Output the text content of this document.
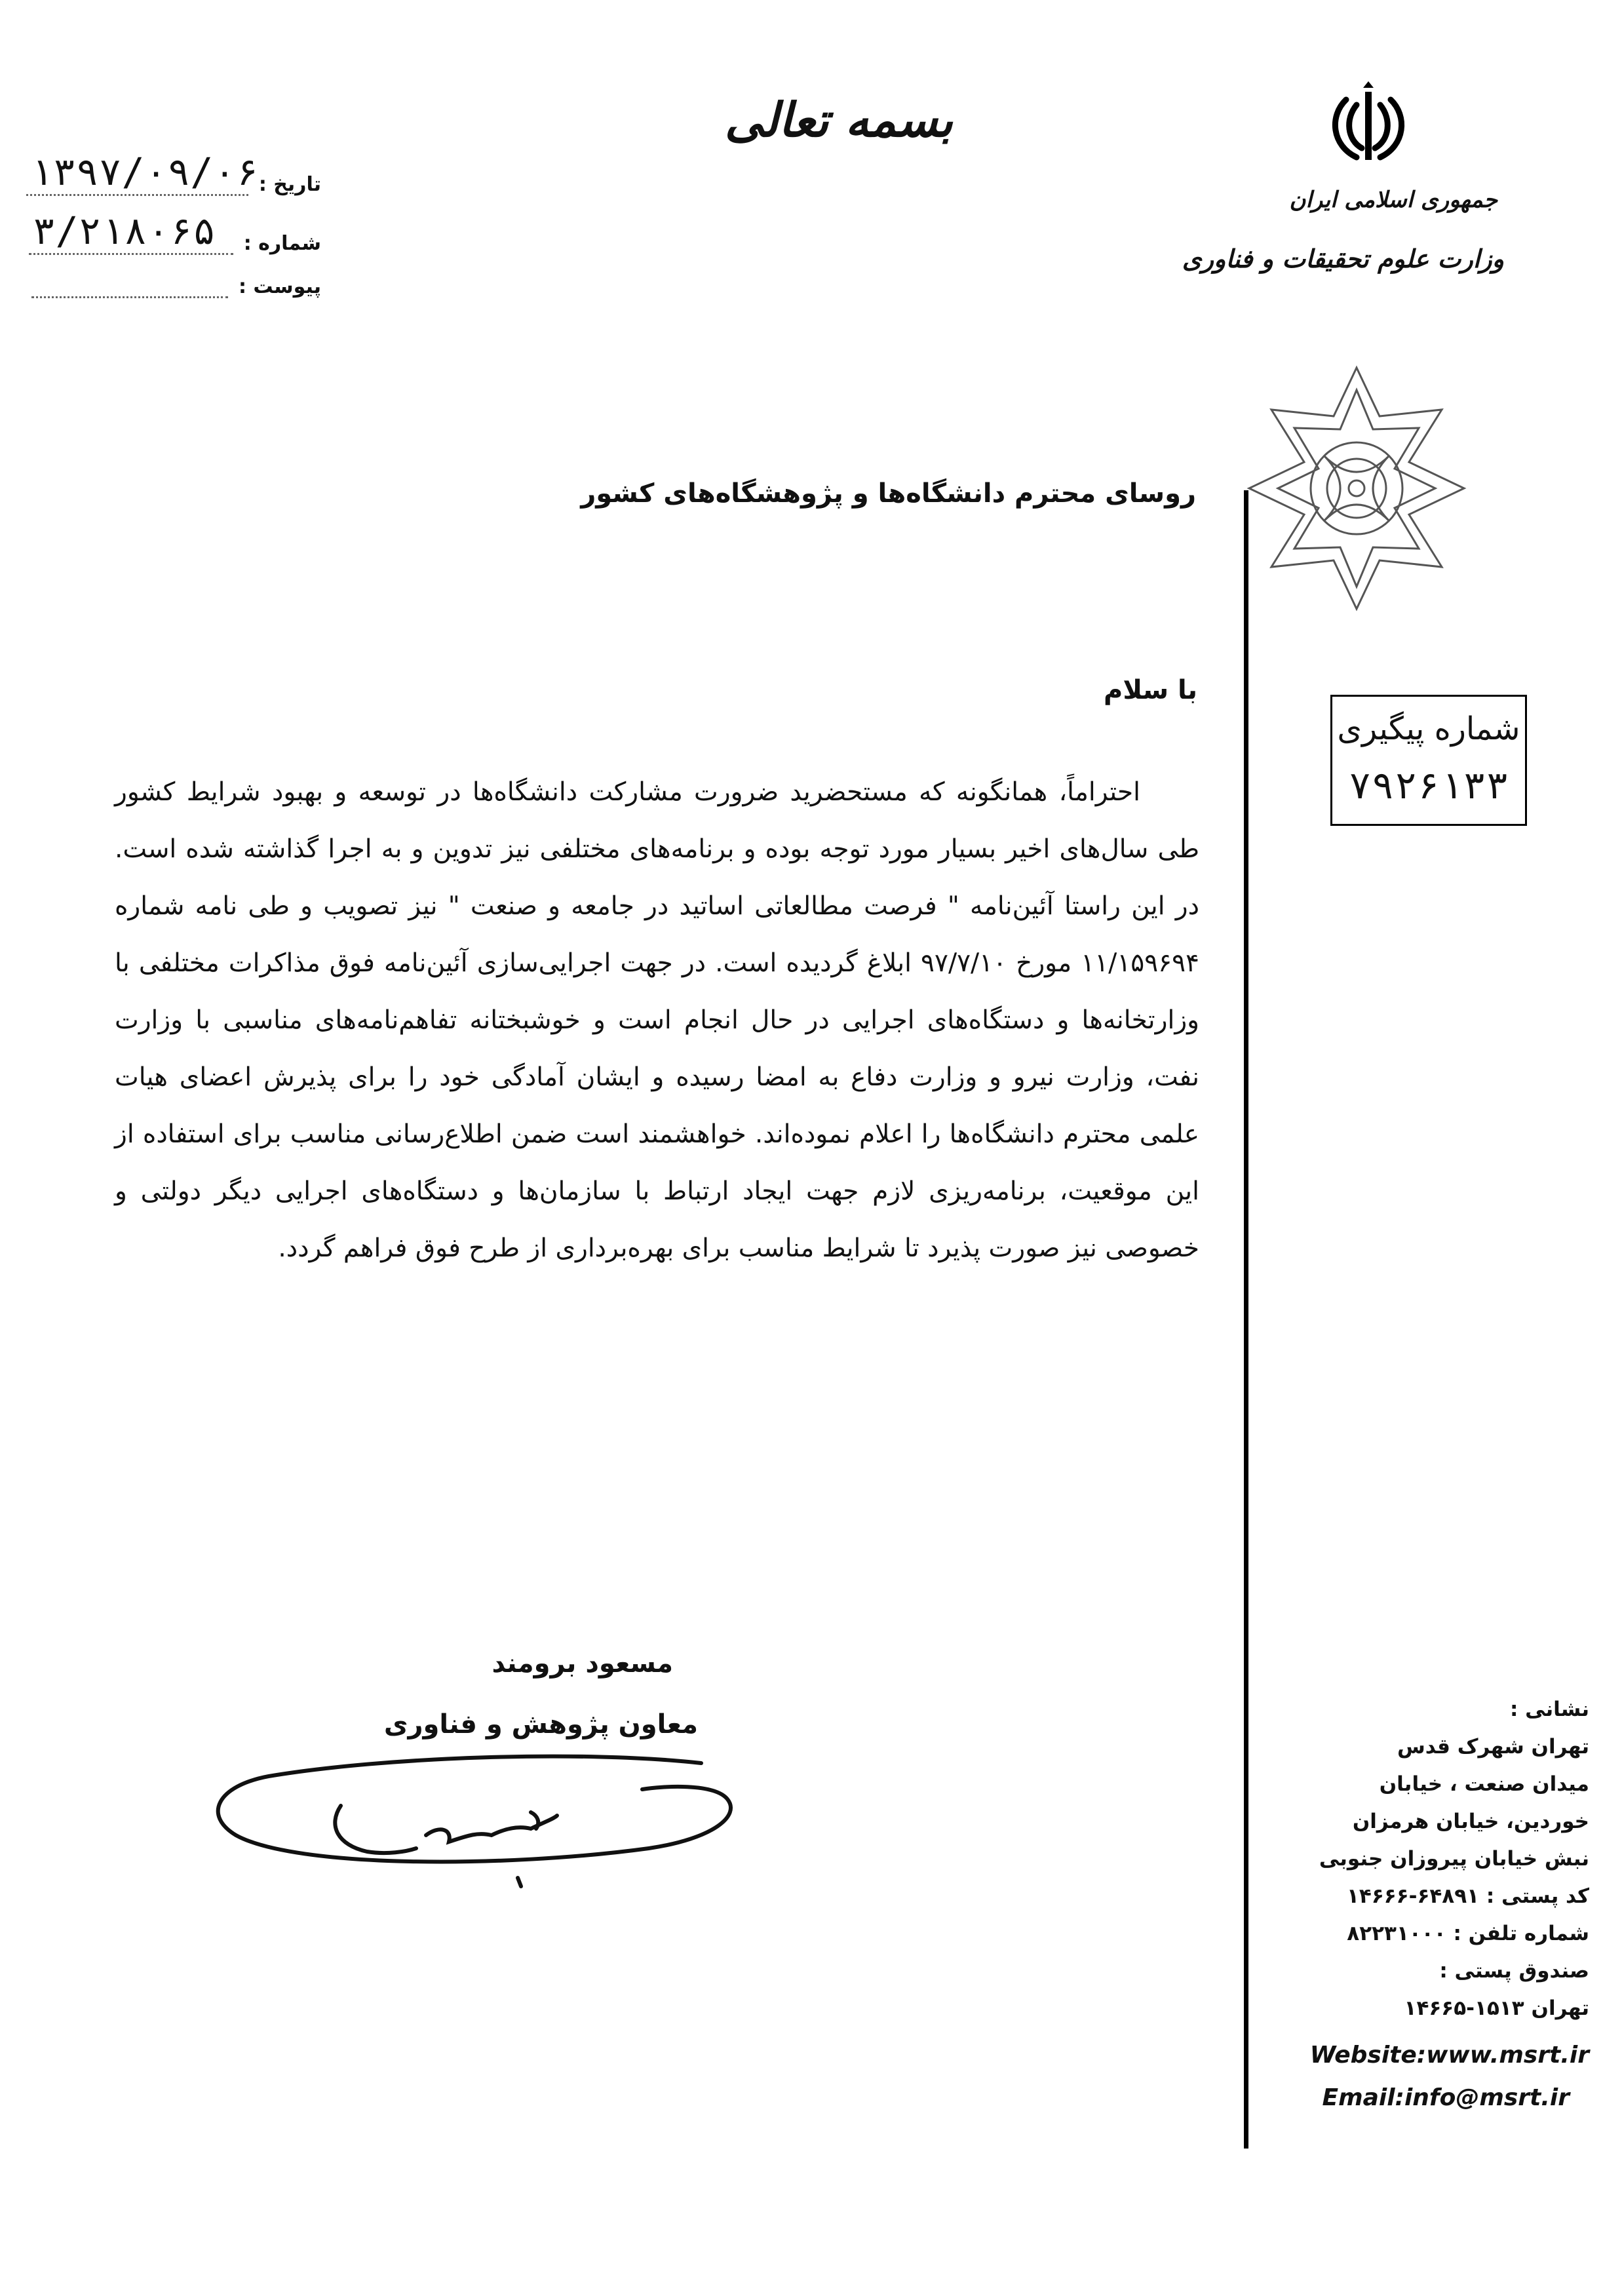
بسمه تعالی
تاریخ :
۱۳۹۷/۰۹/۰۶
شماره :
۳/۲۱۸۰۶۵
پیوست :
جمهوری اسلامی ایران
وزارت علوم تحقیقات و فناوری
روسای محترم دانشگاه‌ها و پژوهشگاه‌های کشور
با سلام

احتراماً، همانگونه که مستحضرید ضرورت مشارکت دانشگاه‌ها در توسعه و بهبود شرایط کشور طی سال‌های اخیر بسیار مورد توجه بوده و برنامه‌های مختلفی نیز تدوین و به اجرا گذاشته شده است. در این راستا آئین‌نامه " فرصت مطالعاتی اساتید در جامعه و صنعت " نیز تصویب و طی نامه شماره ۱۱/۱۵۹۶۹۴ مورخ ۹۷/۷/۱۰ ابلاغ گردیده است. در جهت اجرایی‌سازی آئین‌نامه فوق مذاکرات مختلفی با وزارتخانه‌ها و دستگاه‌های اجرایی در حال انجام است و خوشبختانه تفاهم‌نامه‌های مناسبی با وزارت نفت، وزارت نیرو و وزارت دفاع به امضا رسیده و ایشان آمادگی خود را برای پذیرش اعضای هیات علمی محترم دانشگاه‌ها را اعلام نموده‌اند. خواهشمند است ضمن اطلاع‌رسانی مناسب برای استفاده از این موقعیت، برنامه‌ریزی لازم جهت ایجاد ارتباط با سازمان‌ها و دستگاه‌های اجرایی دیگر دولتی و خصوصی نیز صورت پذیرد تا شرایط مناسب برای بهره‌برداری از طرح فوق فراهم گردد.

شماره پیگیری
۷۹۲۶۱۳۳
مسعود برومند
معاون پژوهش و فناوری	نشانی :
تهران شهرک قدس
میدان صنعت ، خیابان
خوردین، خیابان هرمزان
نبش خیابان پیروزان جنوبی
کد پستی : ۶۴۸۹۱-۱۴۶۶۶
شماره تلفن : ۸۲۲۳۱۰۰۰
صندوق پستی :
تهران ۱۵۱۳-۱۴۶۶۵
Website:www.msrt.ir
Email:info@msrt.ir
